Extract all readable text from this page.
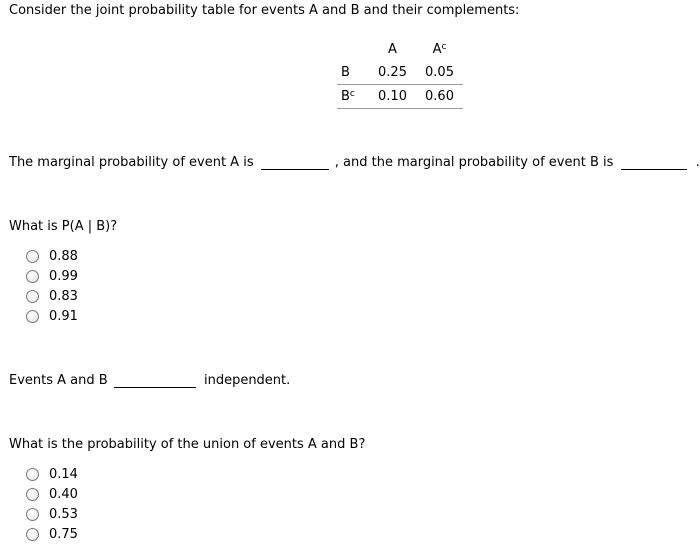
Consider the joint probability table for events A and B and their complements:
	A	$A^c$
B	0.25	0.05
$B^c$	0.10	0.60
The marginal probability of event A is	, and the marginal probability of event B is	.
What is P(A | B)?
0.88
0.99
0.83
0.91
Events A and B	independent.
What is the probability of the union of events A and B?
0.14
0.40
0.53
0.75
